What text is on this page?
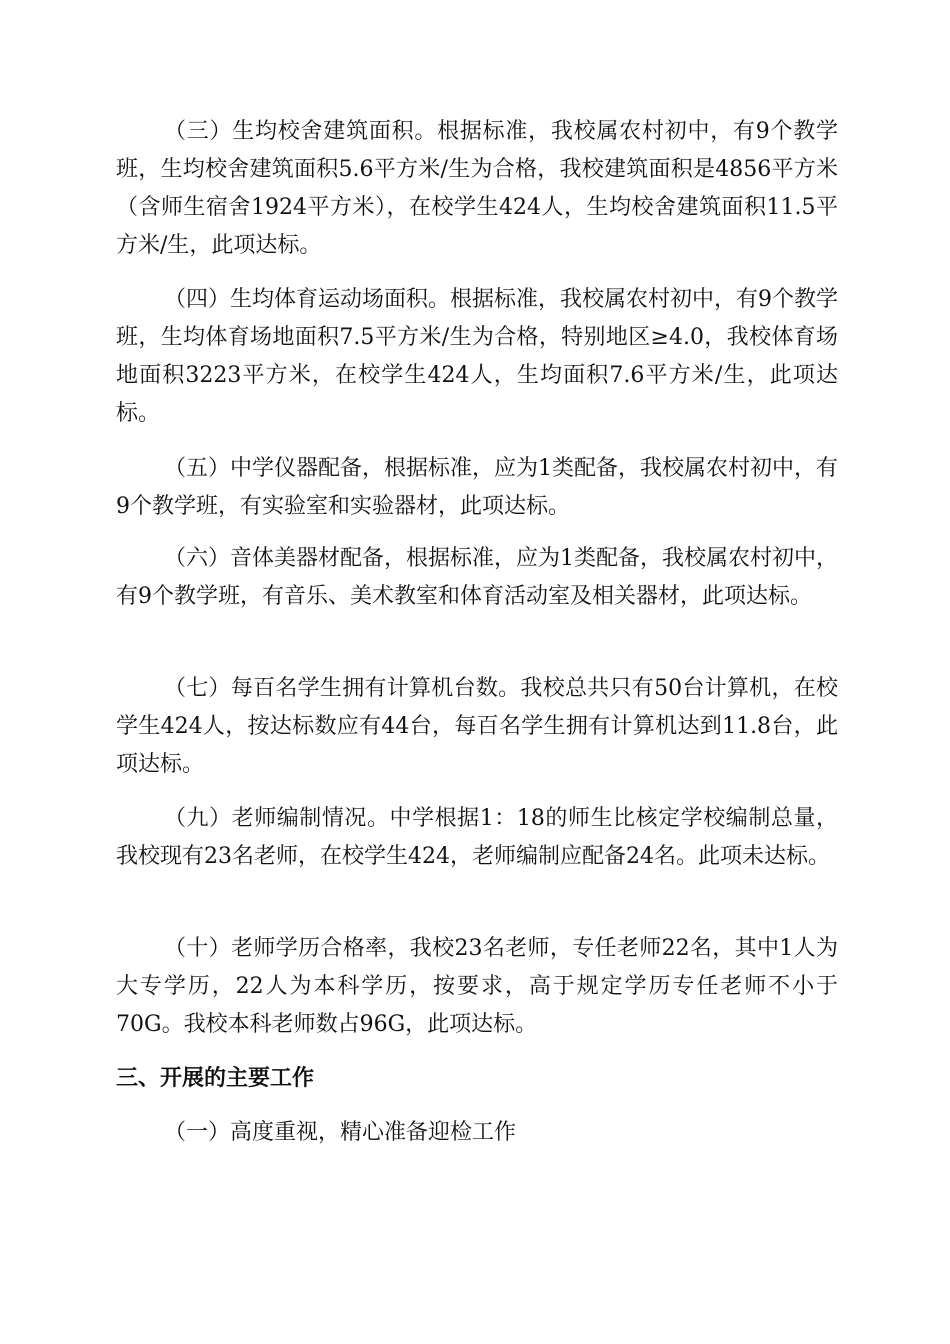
（三）生均校舍建筑面积。根据标准，我校属农村初中，有9个教学班，生均校舍建筑面积5.6平方米/生为合格，我校建筑面积是4856平方米（含师生宿舍1924平方米），在校学生424人，生均校舍建筑面积11.5平方米/生，此项达标。

（四）生均体育运动场面积。根据标准，我校属农村初中，有9个教学班，生均体育场地面积7.5平方米/生为合格，特别地区≥4.0，我校体育场地面积3223平方米，在校学生424人，生均面积7.6平方米/生，此项达标。

（五）中学仪器配备，根据标准，应为1类配备，我校属农村初中，有9个教学班，有实验室和实验器材，此项达标。

（六）音体美器材配备，根据标准，应为1类配备，我校属农村初中，有9个教学班，有音乐、美术教室和体育活动室及相关器材，此项达标。

（七）每百名学生拥有计算机台数。我校总共只有50台计算机，在校学生424人，按达标数应有44台，每百名学生拥有计算机达到11.8台，此项达标。

（九）老师编制情况。中学根据1：18的师生比核定学校编制总量，我校现有23名老师，在校学生424，老师编制应配备24名。此项未达标。

（十）老师学历合格率，我校23名老师，专任老师22名，其中1人为大专学历，22人为本科学历，按要求，高于规定学历专任老师不小于70G。我校本科老师数占96G，此项达标。

三、开展的主要工作

（一）高度重视，精心准备迎检工作
